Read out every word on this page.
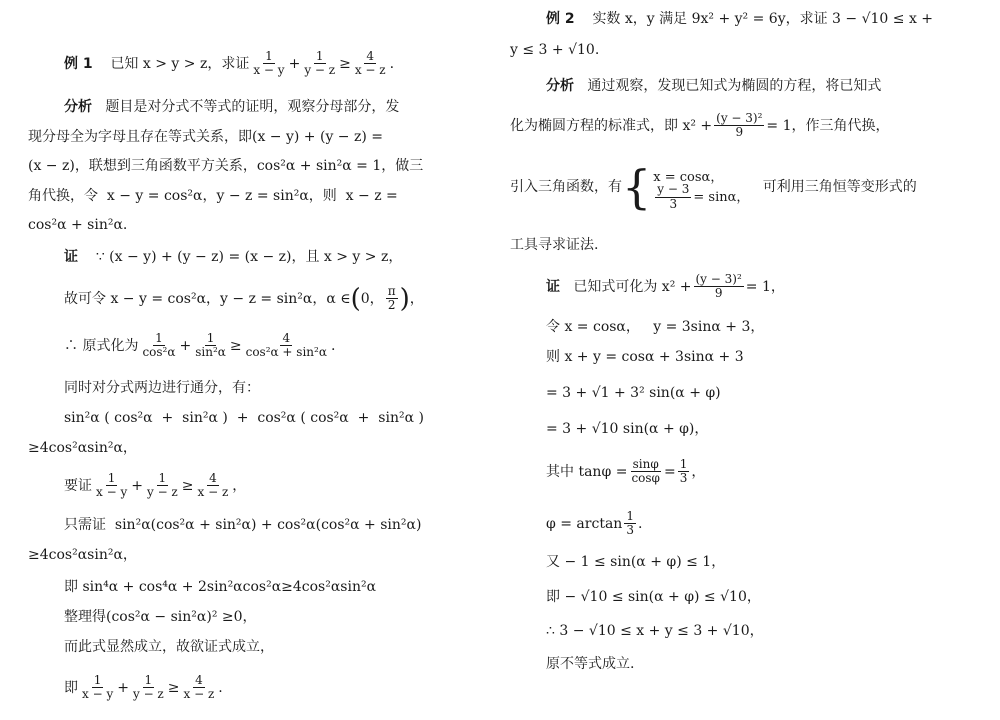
例 1
已知
x > y > z ，求证 $\frac{1}{x - y} + \frac{1}{y - z} \ge \frac{4}{x - z}$ .
分析
题目是对分式不等式的证明，观察分母部分，发
现分母全为字母且存在等式关系，即(x − y) + (y − z) =
(x − z)，联想到三角函数平方关系，cos²α + sin²α = 1，做三
角代换，令  x − y = cos²α，y − z = sin²α，则  x − z =
cos²α + sin²α.
证
∵ (x − y) + (y − z) = (x − z)，且 x > y > z，
故可令 x − y = cos²α，y − z = sin²α，α ∈ ( 0， $\frac{\pi}{2}$ ) ，
∴ 原式化为 $\frac{1}{\text{cos²α}} + \frac{1}{\text{sin²α}} \ge \frac{4}{\text{cos²α + sin²α}}$ .
同时对分式两边进行通分，有：
sin²α ( cos²α  +  sin²α )  +  cos²α ( cos²α  +  sin²α )
≥4cos²αsin²α，
要证 $\frac{1}{x - y} + \frac{1}{y - z} \ge \frac{4}{x - z}$ ，
只需证  sin²α(cos²α + sin²α) + cos²α(cos²α + sin²α)
≥4cos²αsin²α，
即 sin⁴α + cos⁴α + 2sin²αcos²α≥4cos²αsin²α
整理得(cos²α − sin²α)² ≥0，
而此式显然成立，故欲证式成立，
即 $\frac{1}{x - y} + \frac{1}{y - z} \ge \frac{4}{x - z}$ .
例 2
实数 x，y 满足 9x² + y² = 6y，求证 3 − √10 ≤ x +
y ≤ 3 + √10.
分析
通过观察，发现已知式为椭圆的方程，将已知式
化为椭圆方程的标准式，即 $x^2 + \frac{\text{(y − 3)²}}{9} = 1$，作三角代换，
引入三角函数，有 { x = cosα，
$\frac{y - 3}{3} = \sin\alpha$，

可利用三角恒等变形式的
工具寻求证法.
证
已知式可化为 $x^2 + \frac{\text{(y − 3)²}}{9} = 1$，
令 x = cosα，   y = 3sinα + 3，
则 x + y = cosα + 3sinα + 3
= 3 + √1 + 3² sin(α + φ)
= 3 + √10 sin(α + φ)，
其中 $\tan\varphi = \frac{\sin\varphi}{\cos\varphi} = \frac{1}{3}$ ，
$\varphi = \arctan \frac{1}{3}$ .
又 − 1 ≤ sin(α + φ) ≤ 1，
即 − √10 ≤ sin(α + φ) ≤ √10，
∴ 3 − √10 ≤ x + y ≤ 3 + √10，
原不等式成立.
